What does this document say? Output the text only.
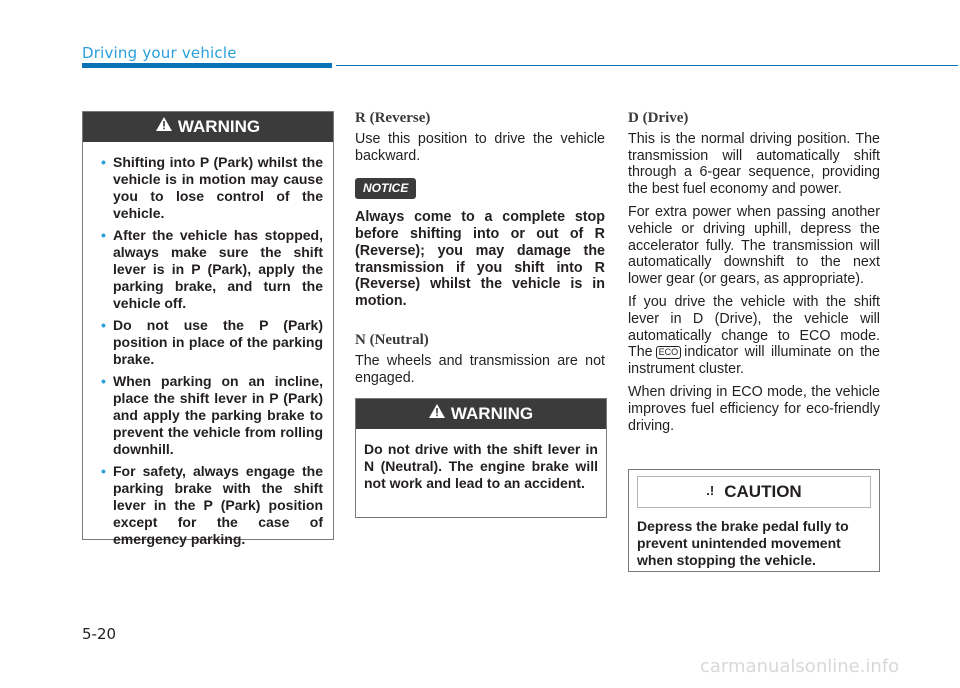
Driving your vehicle
WARNING
• Shifting into P (Park) whilst the vehicle is in motion may cause you to lose control of the vehicle.
• After the vehicle has stopped, always make sure the shift lever is in P (Park), apply the parking brake, and turn the vehicle off.
• Do not use the P (Park) position in place of the parking brake.
• When parking on an incline, place the shift lever in P (Park) and apply the parking brake to prevent the vehicle from rolling downhill.
• For safety, always engage the parking brake with the shift lever in the P (Park) position except for the case of emergency parking.
R (Reverse)

Use this position to drive the vehicle backward.

NOTICE
Always come to a complete stop before shifting into or out of R (Reverse); you may damage the transmission if you shift into R (Reverse) whilst the vehicle is in motion.
N (Neutral)

The wheels and transmission are not engaged.

WARNING
Do not drive with the shift lever in N (Neutral). The engine brake will not work and lead to an accident.
D (Drive)

This is the normal driving position. The transmission will automatically shift through a 6-gear sequence, providing the best fuel economy and power.

For extra power when passing another vehicle or driving uphill, depress the accelerator fully. The transmission will automatically downshift to the next lower gear (or gears, as appropriate).

If you drive the vehicle with the shift lever in D (Drive), the vehicle will automatically change to ECO mode. The ECO indicator will illuminate on the instrument cluster.

When driving in ECO mode, the vehicle improves fuel efficiency for eco-friendly driving.

.! CAUTION
Depress the brake pedal fully to prevent unintended movement when stopping the vehicle.
5-20
carmanualsonline.info
